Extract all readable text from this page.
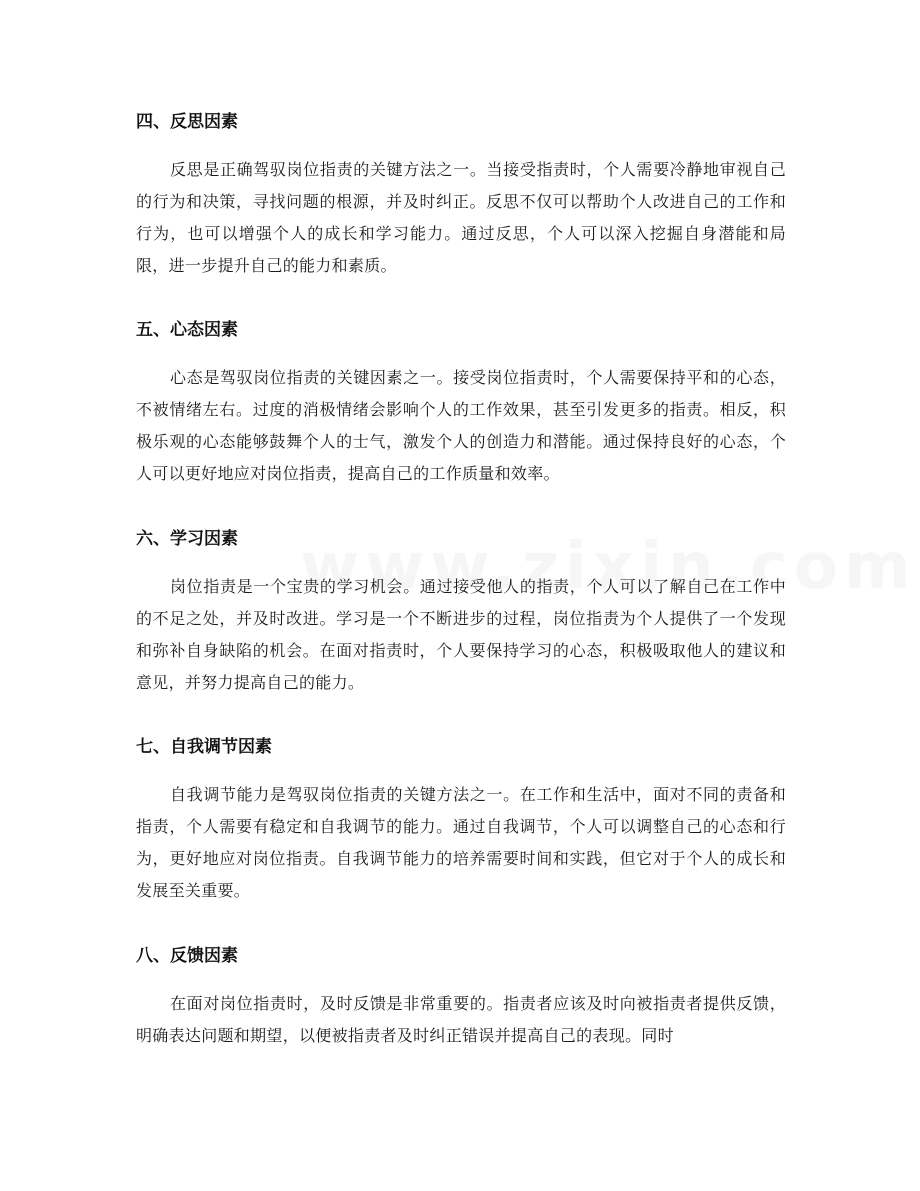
四、反思因素

反思是正确驾驭岗位指责的关键方法之一。当接受指责时，个人需要冷静地审视自己的行为和决策，寻找问题的根源，并及时纠正。反思不仅可以帮助个人改进自己的工作和行为，也可以增强个人的成长和学习能力。通过反思，个人可以深入挖掘自身潜能和局限，进一步提升自己的能力和素质。

五、心态因素

心态是驾驭岗位指责的关键因素之一。接受岗位指责时，个人需要保持平和的心态，不被情绪左右。过度的消极情绪会影响个人的工作效果，甚至引发更多的指责。相反，积极乐观的心态能够鼓舞个人的士气，激发个人的创造力和潜能。通过保持良好的心态，个人可以更好地应对岗位指责，提高自己的工作质量和效率。

六、学习因素

岗位指责是一个宝贵的学习机会。通过接受他人的指责，个人可以了解自己在工作中的不足之处，并及时改进。学习是一个不断进步的过程，岗位指责为个人提供了一个发现和弥补自身缺陷的机会。在面对指责时，个人要保持学习的心态，积极吸取他人的建议和意见，并努力提高自己的能力。

七、自我调节因素

自我调节能力是驾驭岗位指责的关键方法之一。在工作和生活中，面对不同的责备和指责，个人需要有稳定和自我调节的能力。通过自我调节，个人可以调整自己的心态和行为，更好地应对岗位指责。自我调节能力的培养需要时间和实践，但它对于个人的成长和发展至关重要。

八、反馈因素

在面对岗位指责时，及时反馈是非常重要的。指责者应该及时向被指责者提供反馈，明确表达问题和期望，以便被指责者及时纠正错误并提高自己的表现。同时
